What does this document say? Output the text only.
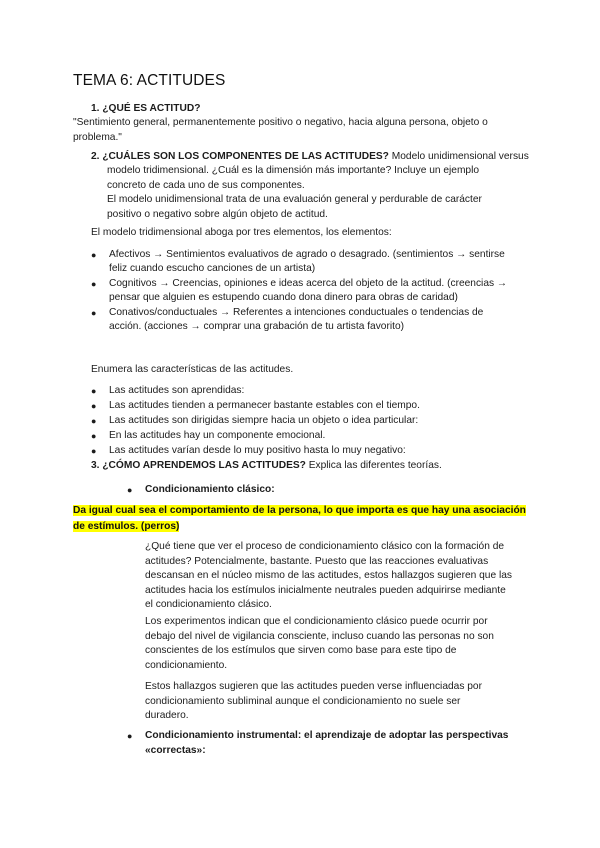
TEMA 6: ACTITUDES
1. ¿QUÉ ES ACTITUD?
"Sentimiento general, permanentemente positivo o negativo, hacia alguna persona, objeto o
problema."
2. ¿CUÁLES SON LOS COMPONENTES DE LAS ACTITUDES? Modelo unidimensional versus
modelo tridimensional. ¿Cuál es la dimensión más importante? Incluye un ejemplo
concreto de cada uno de sus componentes.
El modelo unidimensional trata de una evaluación general y perdurable de carácter
positivo o negativo sobre algún objeto de actitud.
El modelo tridimensional aboga por tres elementos, los elementos:
● Afectivos → Sentimientos evaluativos de agrado o desagrado. (sentimientos → sentirse
feliz cuando escucho canciones de un artista)
● Cognitivos → Creencias, opiniones e ideas acerca del objeto de la actitud. (creencias →
pensar que alguien es estupendo cuando dona dinero para obras de caridad)
● Conativos/conductuales → Referentes a intenciones conductuales o tendencias de
acción. (acciones → comprar una grabación de tu artista favorito)
Enumera las características de las actitudes.
● Las actitudes son aprendidas:
● Las actitudes tienden a permanecer bastante estables con el tiempo.
● Las actitudes son dirigidas siempre hacia un objeto o idea particular:
● En las actitudes hay un componente emocional.
● Las actitudes varían desde lo muy positivo hasta lo muy negativo:
3. ¿CÓMO APRENDEMOS LAS ACTITUDES? Explica las diferentes teorías.
● Condicionamiento clásico:
Da igual cual sea el comportamiento de la persona, lo que importa es que hay una asociación
de estímulos. (perros)
¿Qué tiene que ver el proceso de condicionamiento clásico con la formación de
actitudes? Potencialmente, bastante. Puesto que las reacciones evaluativas
descansan en el núcleo mismo de las actitudes, estos hallazgos sugieren que las
actitudes hacia los estímulos inicialmente neutrales pueden adquirirse mediante
el condicionamiento clásico.
Los experimentos indican que el condicionamiento clásico puede ocurrir por
debajo del nivel de vigilancia consciente, incluso cuando las personas no son
conscientes de los estímulos que sirven como base para este tipo de
condicionamiento.
Estos hallazgos sugieren que las actitudes pueden verse influenciadas por
condicionamiento subliminal aunque el condicionamiento no suele ser
duradero.
● Condicionamiento instrumental: el aprendizaje de adoptar las perspectivas
«correctas»:
